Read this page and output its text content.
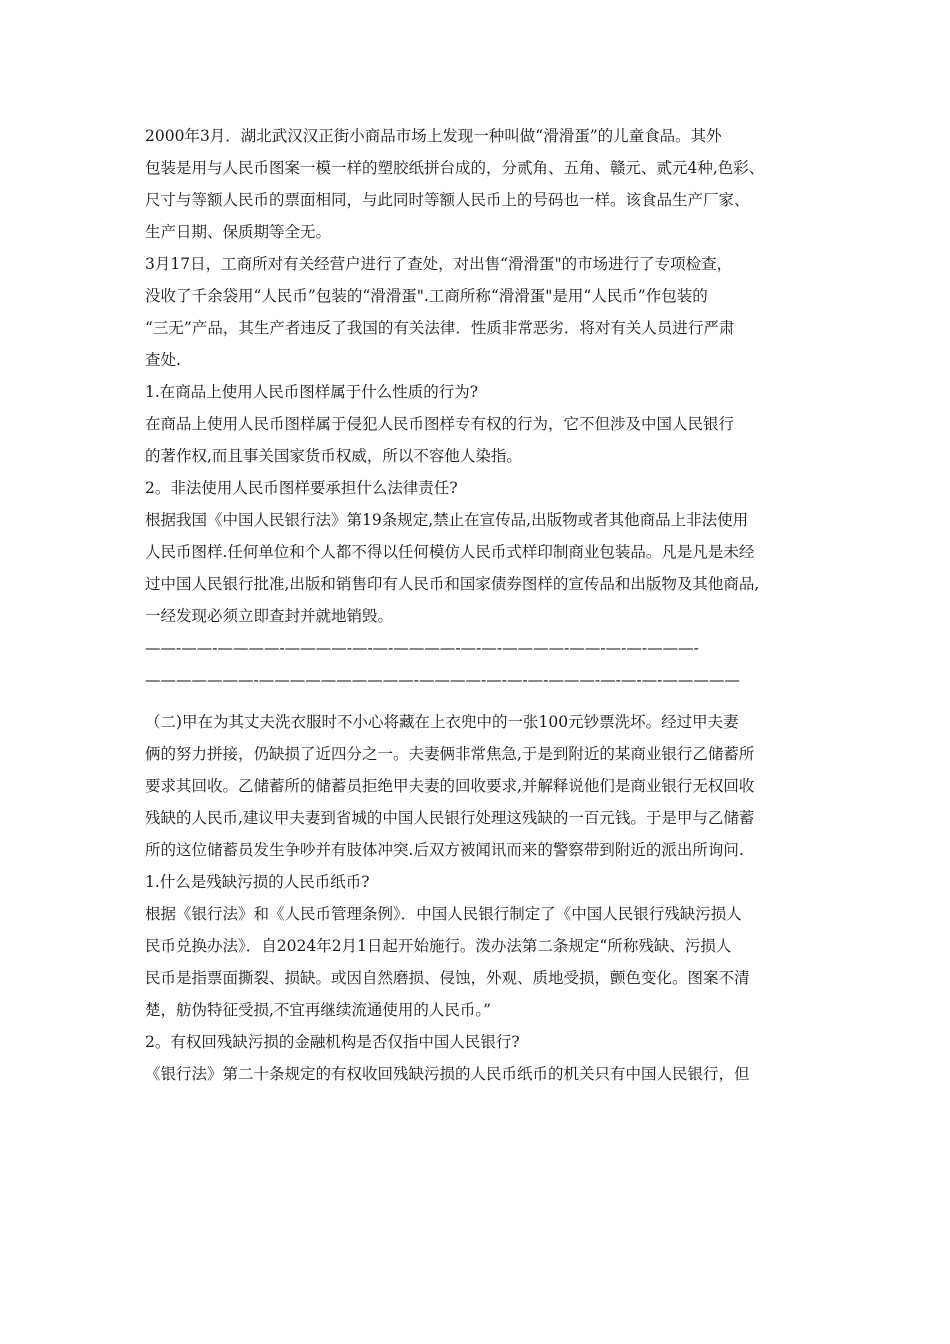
2000年3月．湖北武汉汉正街小商品市场上发现一种叫做“滑滑蛋”的儿童食品。其外
包装是用与人民币图案一模一样的塑胶纸拼台成的，分贰角、五角、赣元、贰元4种,色彩、
尺寸与等额人民币的票面相同，与此同时等额人民币上的号码也一样。该食品生产厂家、
生产日期、保质期等全无。
3月17日，工商所对有关经营户进行了查处，对出售“滑滑蛋"的市场进行了专项检查，
没收了千余袋用“人民币”包装的“滑滑蛋".工商所称“滑滑蛋"是用“人民币”作包装的
“三无”产品，其生产者违反了我国的有关法律．性质非常恶劣．将对有关人员进行严肃
查处.
1.在商品上使用人民币图样属于什么性质的行为?
在商品上使用人民币图样属于侵犯人民币图样专有权的行为，它不但涉及中国人民银行
的著作权,而且事关国家货币权威，所以不容他人染指。
2。非法使用人民币图样要承担什么法律责任?
根据我国《中国人民银行法》第19条规定,禁止在宣传品,出版物或者其他商品上非法使用
人民币图样.任何单位和个人都不得以任何模仿人民币式样印制商业包装品。凡是凡是未经
过中国人民银行批准,出版和销售印有人民币和国家债券图样的宣传品和出版物及其他商品,
一经发现必须立即查封并就地销毁。
——-——-————-————-—-—-————-—-—-————-——-—-—-———-
———————-——————————-————-—-—-—-———-—-—-—-—————
（二)甲在为其丈夫洗衣服时不小心将藏在上衣兜中的一张100元钞票洗坏。经过甲夫妻
俩的努力拼接，仍缺损了近四分之一。夫妻俩非常焦急,于是到附近的某商业银行乙储蓄所
要求其回收。乙储蓄所的储蓄员拒绝甲夫妻的回收要求,并解释说他们是商业银行无权回收
残缺的人民币,建议甲夫妻到省城的中国人民银行处理这残缺的一百元钱。于是甲与乙储蓄
所的这位储蓄员发生争吵并有肢体冲突.后双方被闻讯而来的警察带到附近的派出所询问.
1.什么是残缺污损的人民币纸币?
根据《银行法》和《人民币管理条例》．中国人民银行制定了《中国人民银行残缺污损人
民币兑换办法》．自2024年2月1日起开始施行。泼办法第二条规定“所称残缺、污损人
民币是指票面撕裂、损缺。或因自然磨损、侵蚀，外观、质地受损，颤色变化。图案不清
楚，舫伪特征受损,不宜再继续流通使用的人民币。”
2。有权回残缺污损的金融机构是否仅指中国人民银行?
《银行法》第二十条规定的有权收回残缺污损的人民币纸币的机关只有中国人民银行，但
